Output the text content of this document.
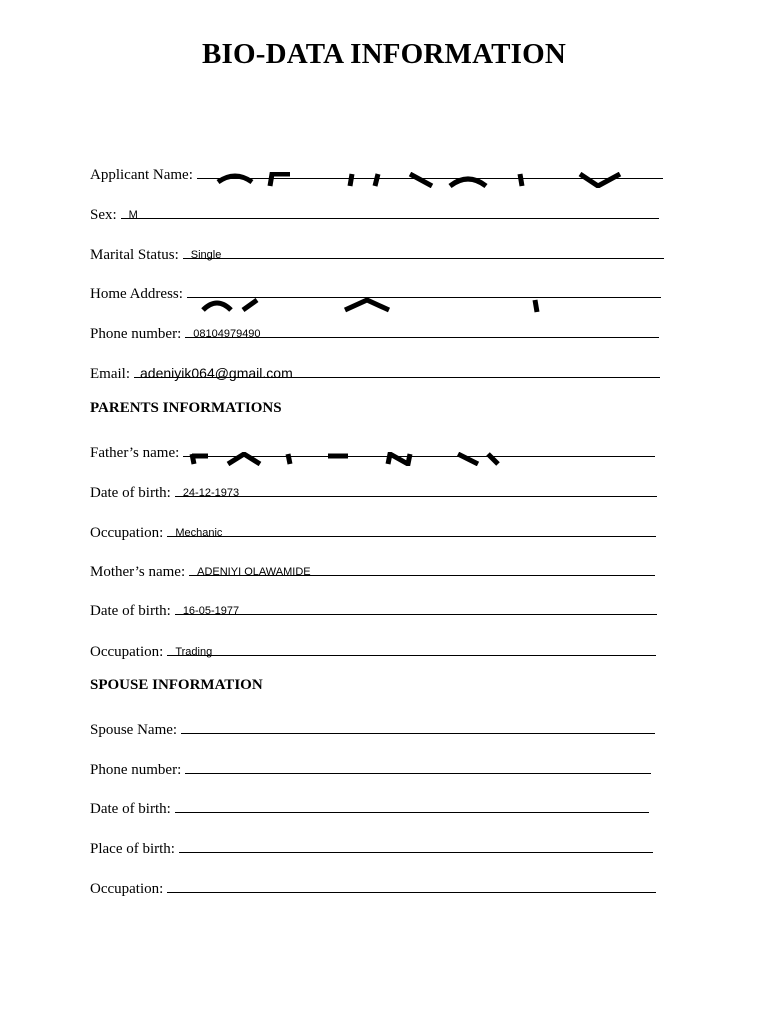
BIO-DATA INFORMATION

Applicant Name:
Sex: M
Marital Status: Single
Home Address:
Phone number: 08104979490
Email: adeniyik064@gmail.com
PARENTS INFORMATIONS
Father’s name:
Date of birth: 24-12-1973
Occupation: Mechanic
Mother’s name: ADENIYI OLAWAMIDE
Date of birth: 16-05-1977
Occupation: Trading
SPOUSE INFORMATION
Spouse Name:
Phone number:
Date of birth:
Place of birth:
Occupation:
